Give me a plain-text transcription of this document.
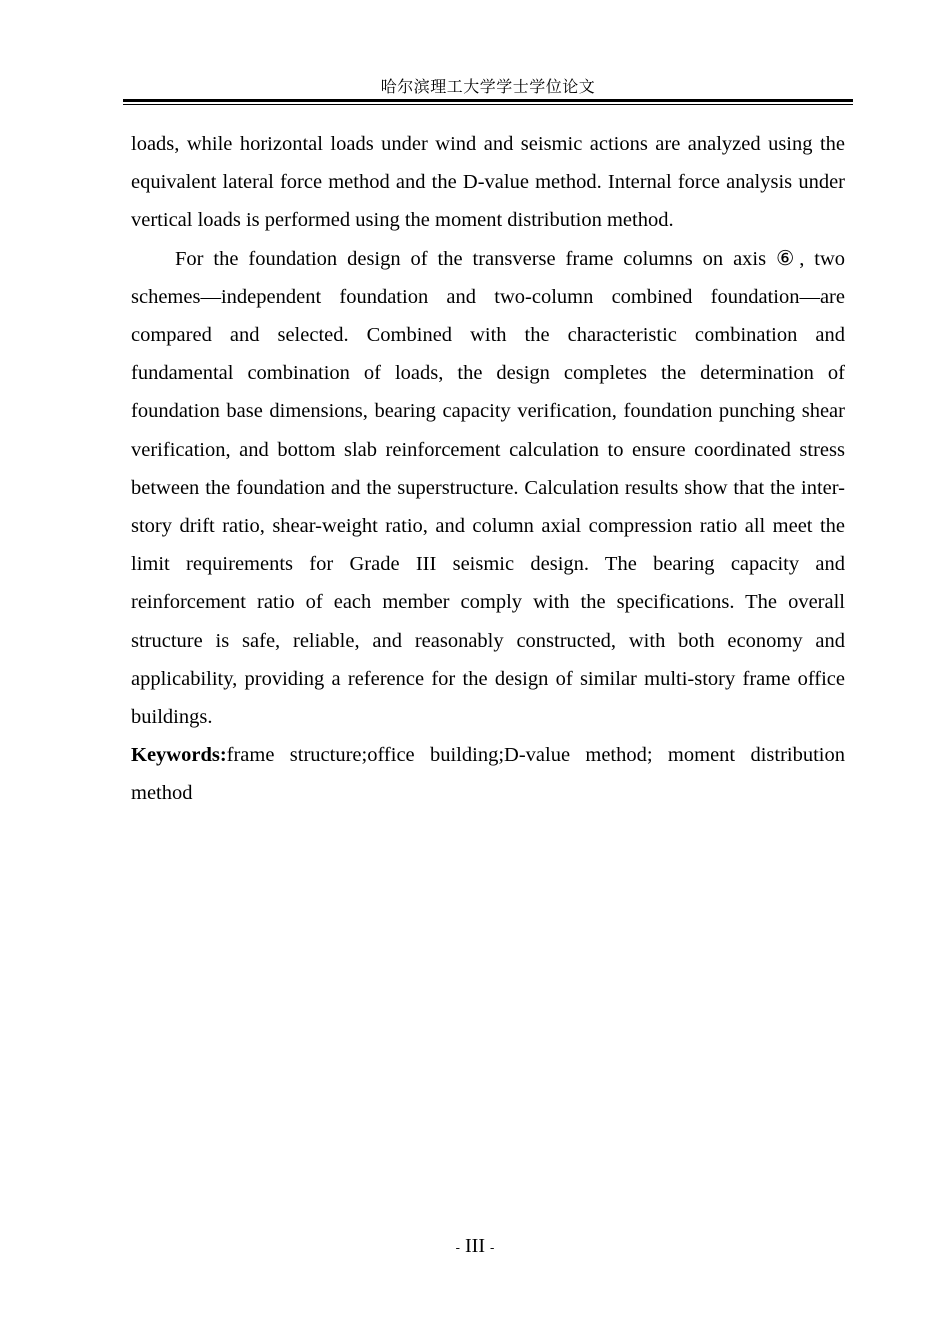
哈尔滨理工大学学士学位论文

loads, while horizontal loads under wind and seismic actions are analyzed using the equivalent lateral force method and the D-value method. Internal force analysis under vertical loads is performed using the moment distribution method.

For the foundation design of the transverse frame columns on axis ⑥, two schemes—independent foundation and two-column combined foundation—are compared and selected. Combined with the characteristic combination and fundamental combination of loads, the design completes the determination of foundation base dimensions, bearing capacity verification, foundation punching shear verification, and bottom slab reinforcement calculation to ensure coordinated stress between the foundation and the superstructure. Calculation results show that the inter-story drift ratio, shear-weight ratio, and column axial compression ratio all meet the limit requirements for Grade III seismic design. The bearing capacity and reinforcement ratio of each member comply with the specifications. The overall structure is safe, reliable, and reasonably constructed, with both economy and applicability, providing a reference for the design of similar multi-story frame office buildings.

Keywords:frame structure;office building;D-value method; moment distribution method

- III -
